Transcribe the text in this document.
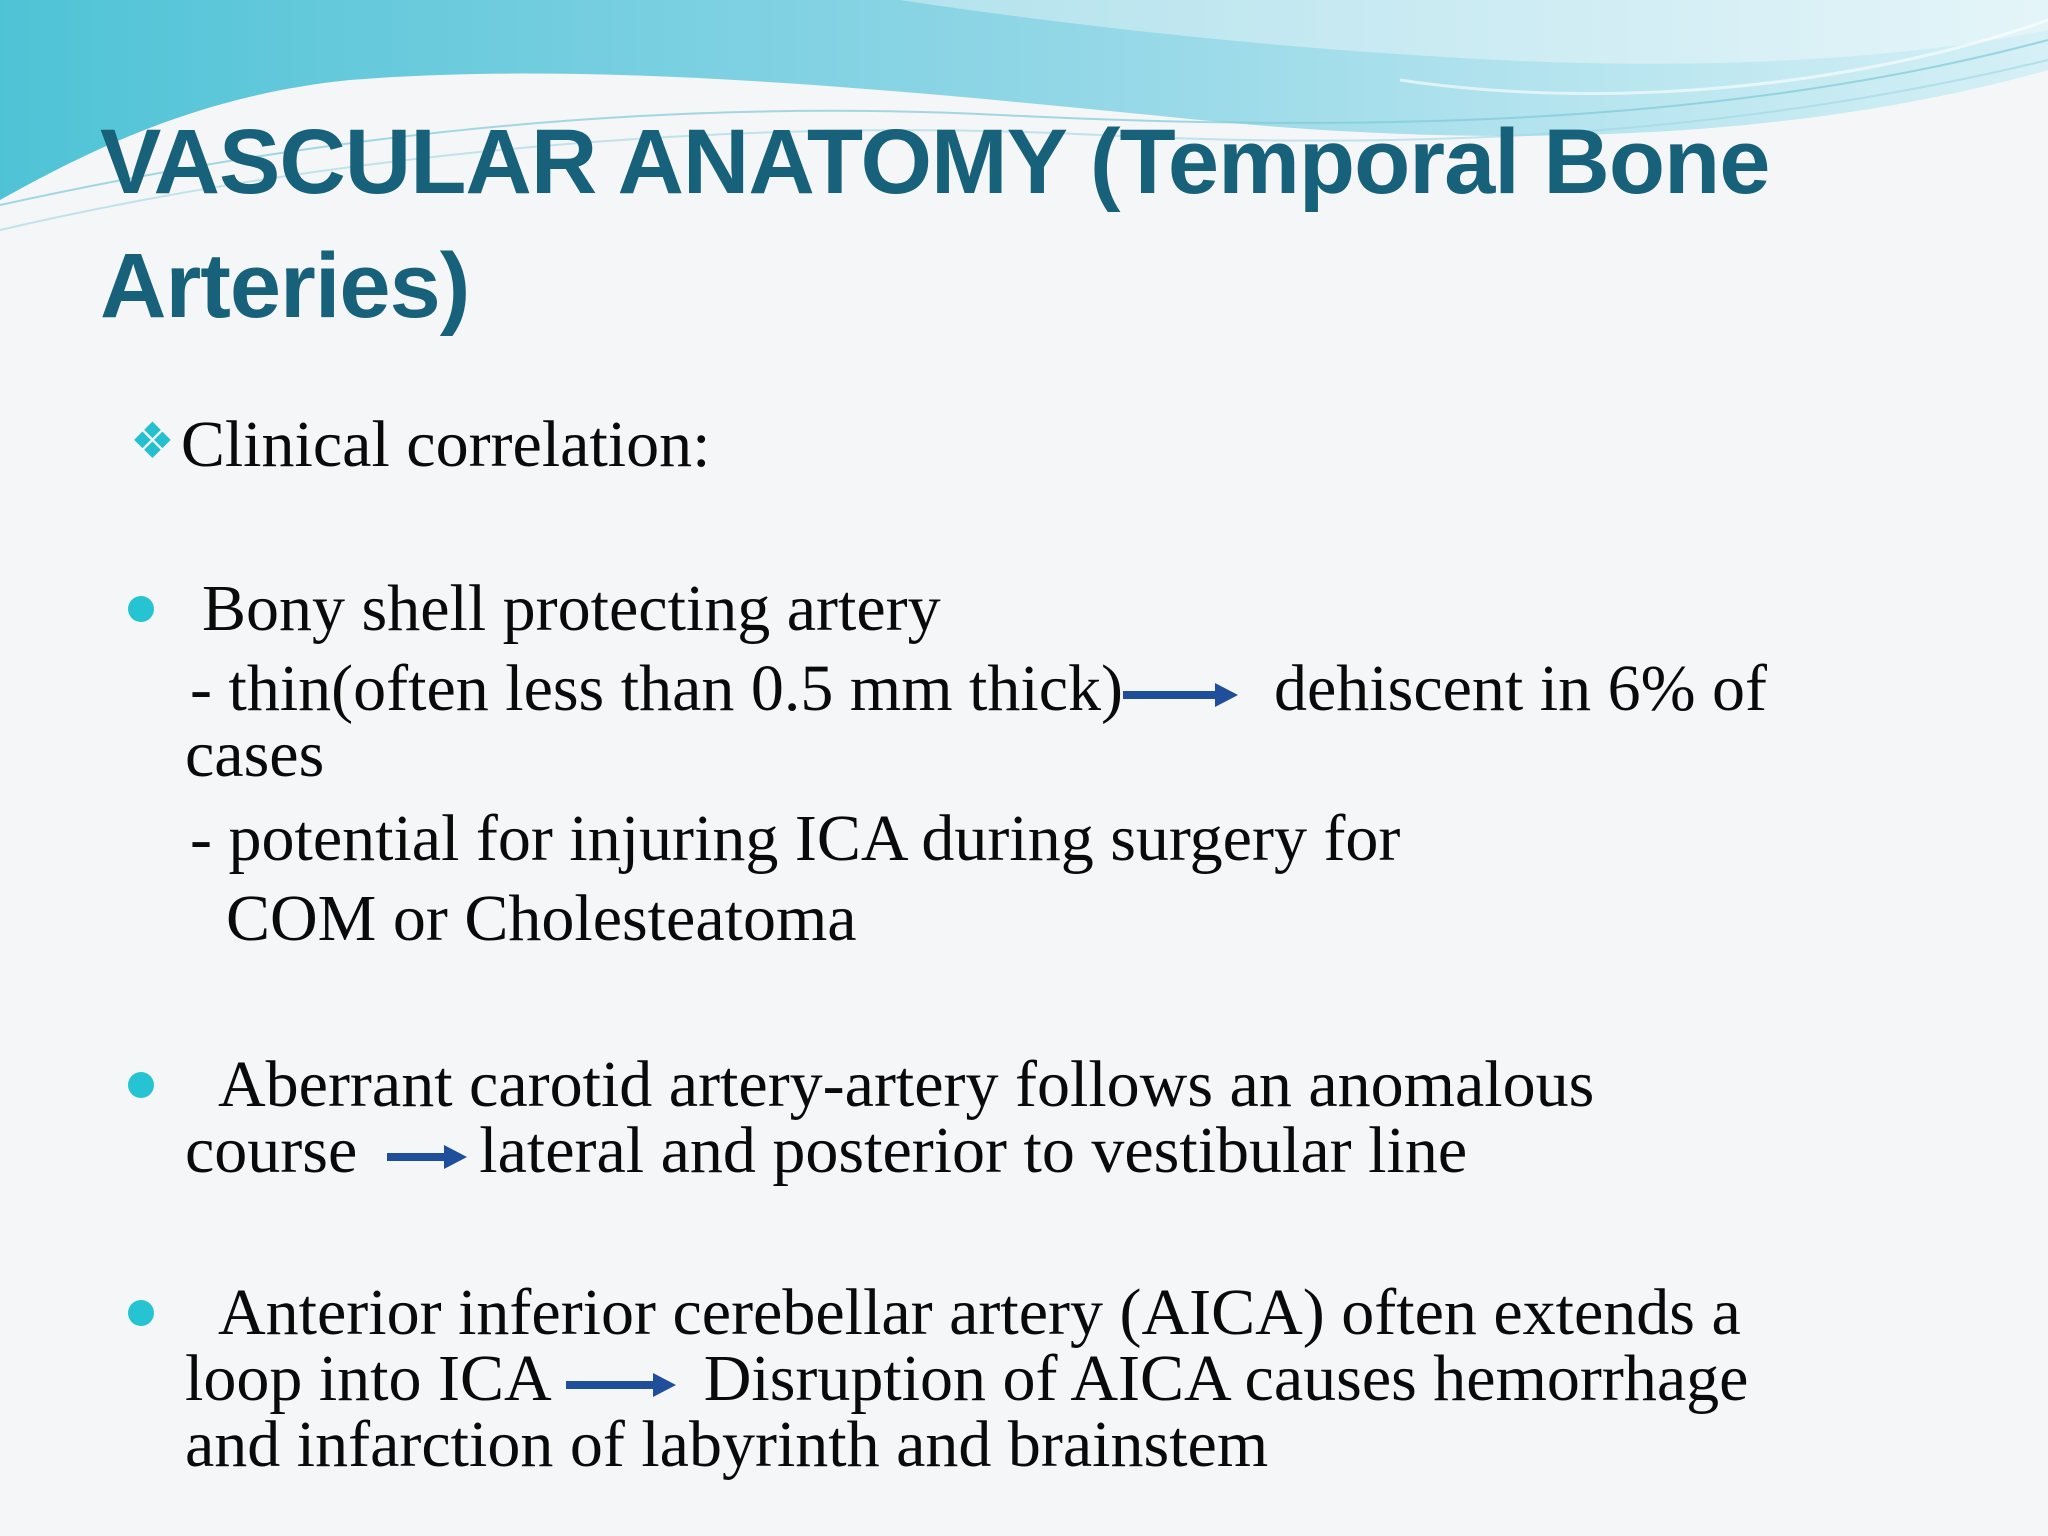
VASCULAR ANATOMY (Temporal Bone
Arteries)
❖Clinical correlation:
Bony shell protecting artery
- thin(often less than 0.5 mm thick) dehiscent in 6% of
cases
- potential for injuring ICA during surgery for
COM or Cholesteatoma
Aberrant carotid artery-artery follows an anomalous
course lateral and posterior to vestibular line
Anterior inferior cerebellar artery (AICA) often extends a
loop into ICA Disruption of AICA causes hemorrhage
and infarction of labyrinth and brainstem
